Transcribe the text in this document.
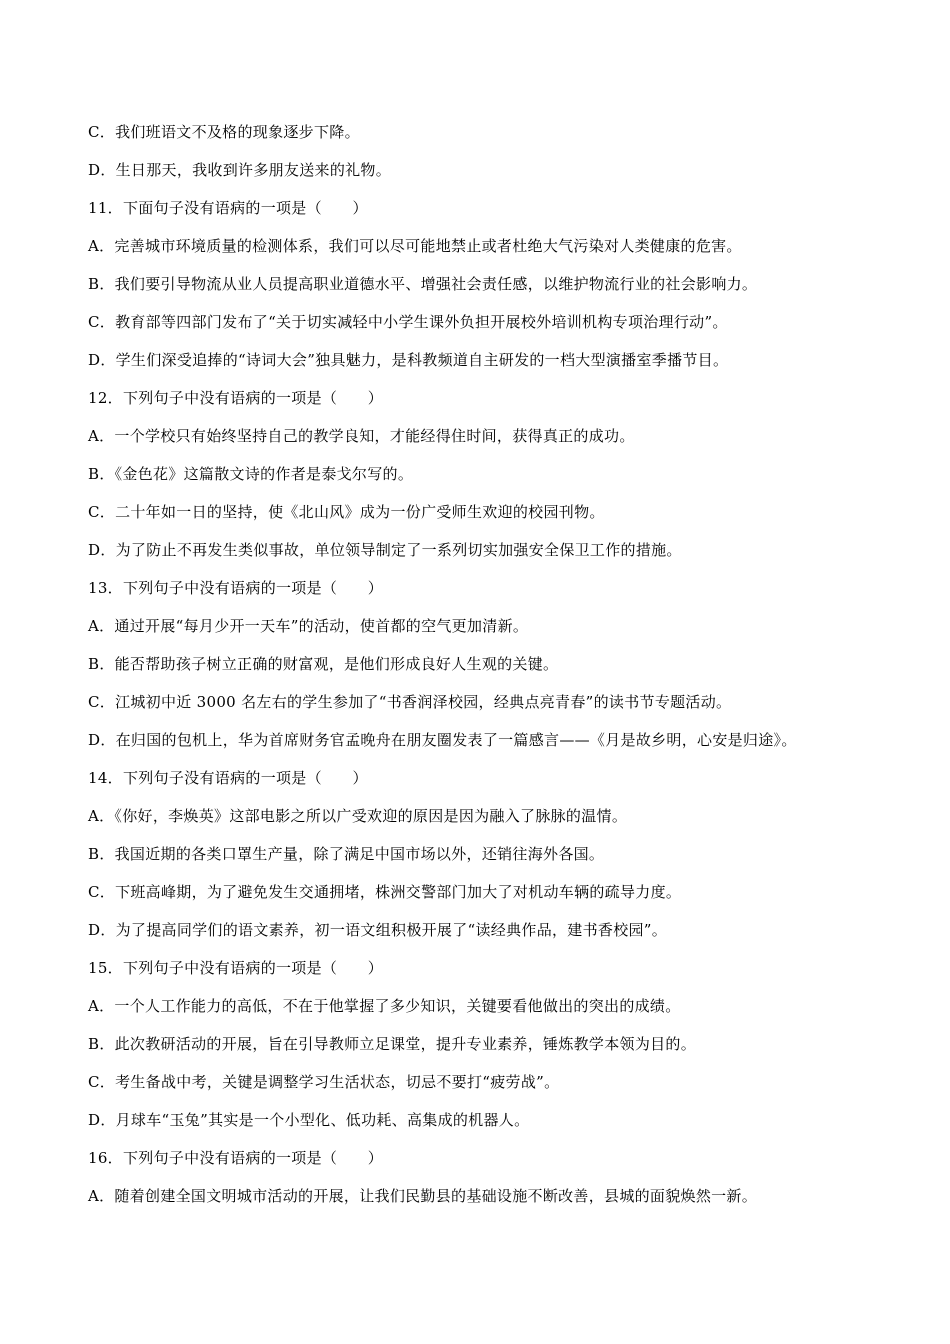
C．我们班语文不及格的现象逐步下降。
D．生日那天，我收到许多朋友送来的礼物。
11．下面句子没有语病的一项是（　　）
A．完善城市环境质量的检测体系，我们可以尽可能地禁止或者杜绝大气污染对人类健康的危害。
B．我们要引导物流从业人员提高职业道德水平、增强社会责任感，以维护物流行业的社会影响力。
C．教育部等四部门发布了“关于切实减轻中小学生课外负担开展校外培训机构专项治理行动”。
D．学生们深受追捧的“诗词大会”独具魅力，是科教频道自主研发的一档大型演播室季播节目。
12．下列句子中没有语病的一项是（　　）
A．一个学校只有始终坚持自己的教学良知，才能经得住时间，获得真正的成功。
B．《金色花》这篇散文诗的作者是泰戈尔写的。
C．二十年如一日的坚持，使《北山风》成为一份广受师生欢迎的校园刊物。
D．为了防止不再发生类似事故，单位领导制定了一系列切实加强安全保卫工作的措施。
13．下列句子中没有语病的一项是（　　）
A．通过开展“每月少开一天车”的活动，使首都的空气更加清新。
B．能否帮助孩子树立正确的财富观，是他们形成良好人生观的关键。
C．江城初中近 3000 名左右的学生参加了“书香润泽校园，经典点亮青春”的读书节专题活动。
D．在归国的包机上，华为首席财务官孟晚舟在朋友圈发表了一篇感言——《月是故乡明，心安是归途》。
14．下列句子没有语病的一项是（　　）
A．《你好，李焕英》这部电影之所以广受欢迎的原因是因为融入了脉脉的温情。
B．我国近期的各类口罩生产量，除了满足中国市场以外，还销往海外各国。
C．下班高峰期，为了避免发生交通拥堵，株洲交警部门加大了对机动车辆的疏导力度。
D．为了提高同学们的语文素养，初一语文组积极开展了“读经典作品，建书香校园”。
15．下列句子中没有语病的一项是（　　）
A．一个人工作能力的高低，不在于他掌握了多少知识，关键要看他做出的突出的成绩。
B．此次教研活动的开展，旨在引导教师立足课堂，提升专业素养，锤炼教学本领为目的。
C．考生备战中考，关键是调整学习生活状态，切忌不要打“疲劳战”。
D．月球车“玉兔”其实是一个小型化、低功耗、高集成的机器人。
16．下列句子中没有语病的一项是（　　）
A．随着创建全国文明城市活动的开展，让我们民勤县的基础设施不断改善，县城的面貌焕然一新。
